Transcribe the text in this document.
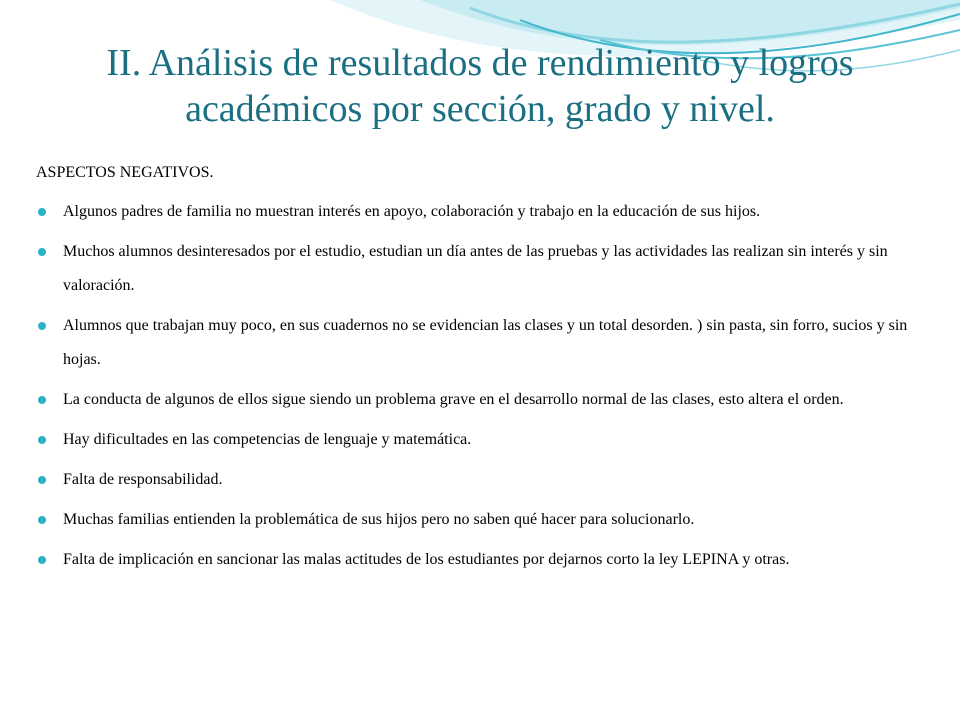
II. Análisis de resultados de rendimiento y logros
académicos por sección, grado y nivel.

ASPECTOS NEGATIVOS.

Algunos padres de familia no muestran interés en apoyo, colaboración y trabajo en la educación de sus hijos.
Muchos alumnos desinteresados por el estudio, estudian un día antes de las pruebas y las actividades las realizan sin interés y sin valoración.
Alumnos que trabajan muy poco, en sus cuadernos no se evidencian las clases y un total desorden. ) sin pasta, sin forro, sucios y sin hojas.
La conducta de algunos de ellos sigue siendo un problema grave en el desarrollo normal de las clases, esto altera el orden.
Hay dificultades en las competencias de lenguaje y matemática.
Falta de responsabilidad.
Muchas familias entienden la problemática de sus hijos pero no saben qué hacer para solucionarlo.
Falta de implicación en sancionar las malas actitudes de los estudiantes por dejarnos corto la ley LEPINA y otras.
